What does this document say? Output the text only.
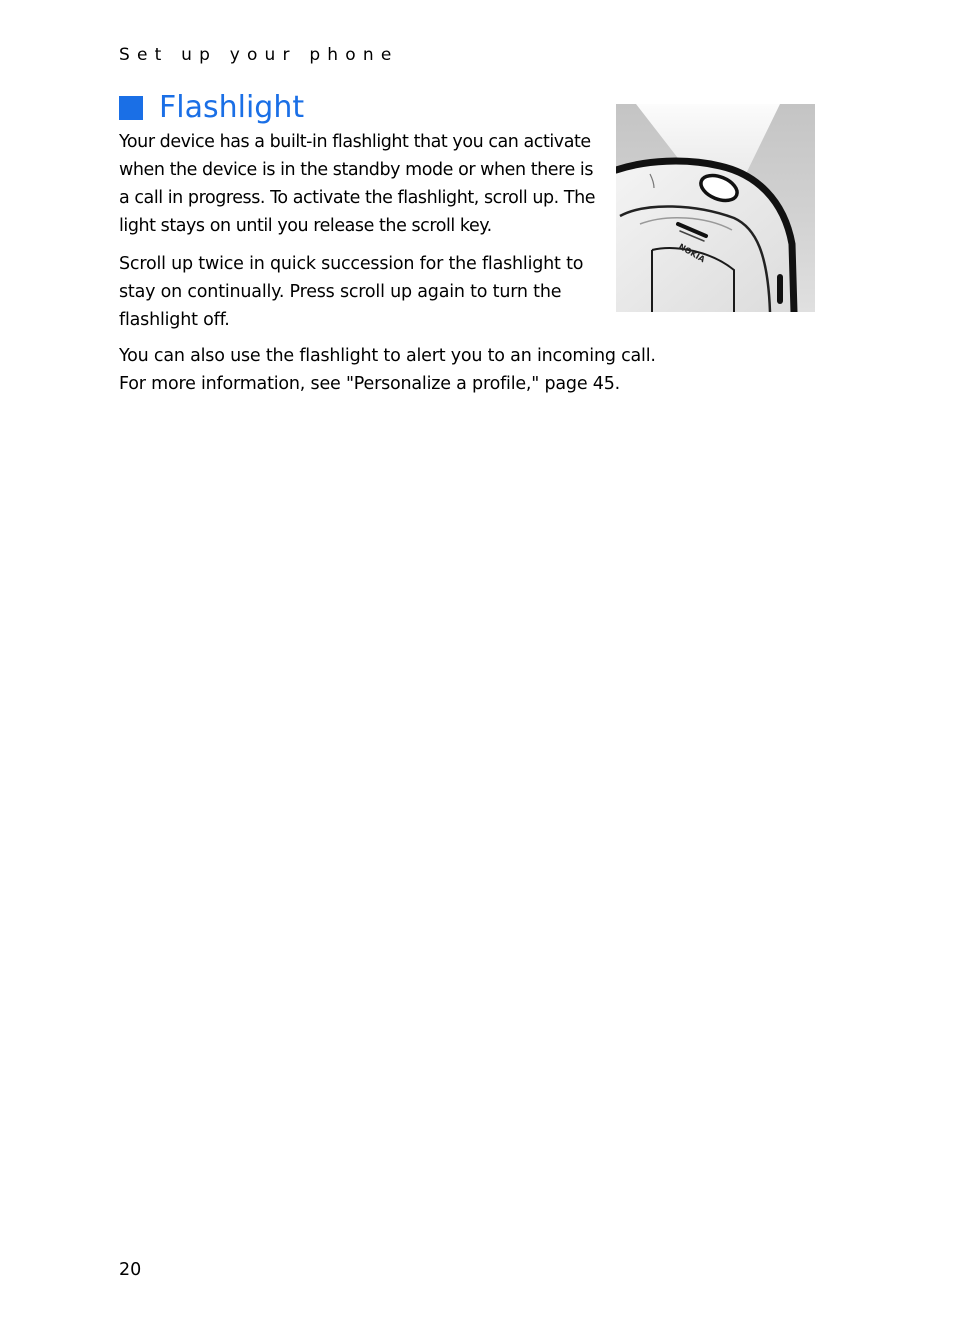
Set up your phone
Flashlight

Your device has a built-in flashlight that you can activate
when the device is in the standby mode or when there is
a call in progress. To activate the flashlight, scroll up. The
light stays on until you release the scroll key.

Scroll up twice in quick succession for the flashlight to
stay on continually. Press scroll up again to turn the
flashlight off.

You can also use the flashlight to alert you to an incoming call.
For more information, see "Personalize a profile," page 45.

NOKIA
20
